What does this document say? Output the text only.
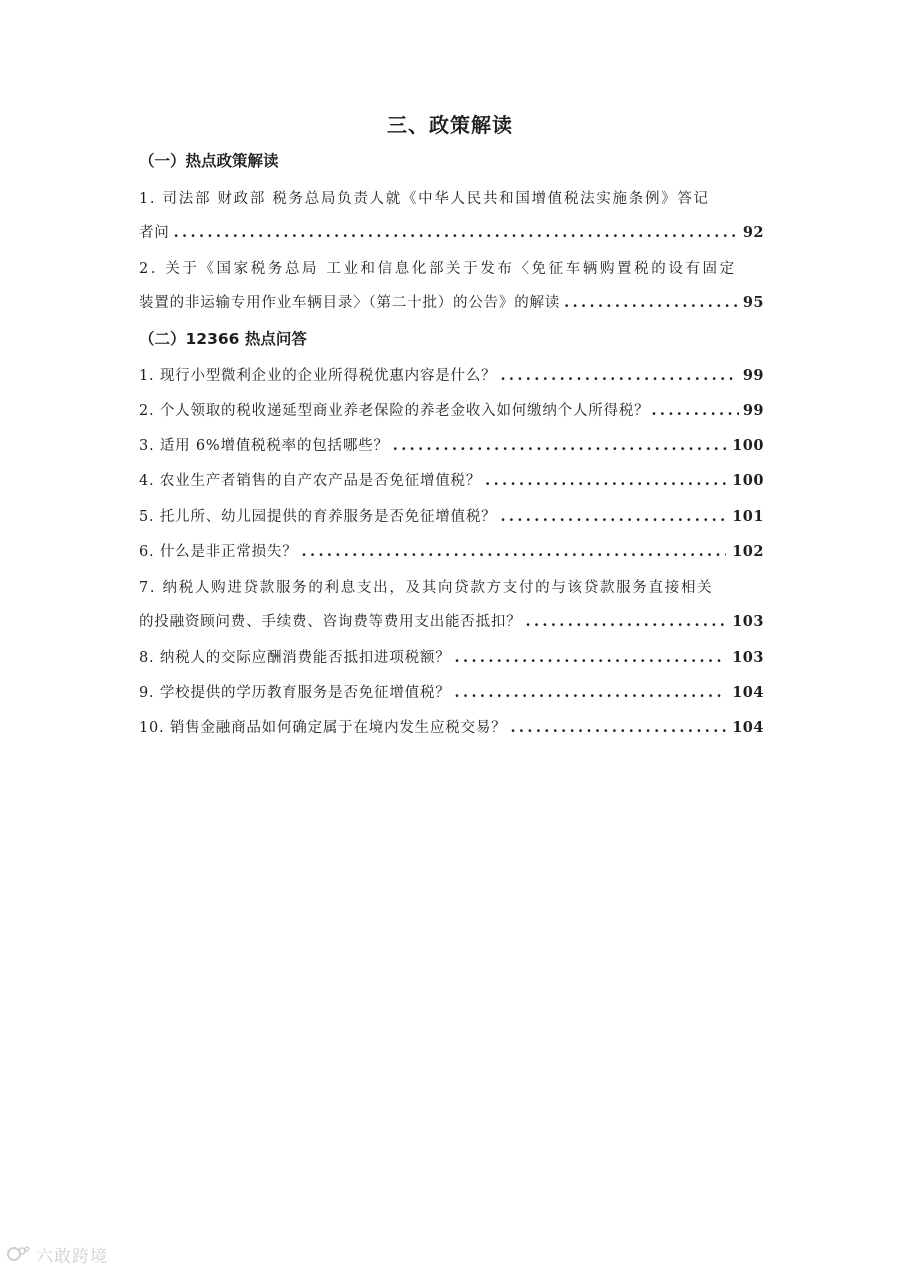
三、政策解读
（一）热点政策解读
1. 司法部 财政部 税务总局负责人就《中华人民共和国增值税法实施条例》答记
者问 .....	92
2. 关于《国家税务总局 工业和信息化部关于发布〈免征车辆购置税的设有固定
装置的非运输专用作业车辆目录〉（第二十批）的公告》的解读 .....	95
（二）12366 热点问答
1. 现行小型微利企业的企业所得税优惠内容是什么？ .....	99
2. 个人领取的税收递延型商业养老保险的养老金收入如何缴纳个人所得税？ .....	99
3. 适用 6%增值税税率的包括哪些？ .....	100
4. 农业生产者销售的自产农产品是否免征增值税？ .....	100
5. 托儿所、幼儿园提供的育养服务是否免征增值税？ .....	101
6. 什么是非正常损失？ .....	102
7. 纳税人购进贷款服务的利息支出，及其向贷款方支付的与该贷款服务直接相关
的投融资顾问费、手续费、咨询费等费用支出能否抵扣？ .....	103
8. 纳税人的交际应酬消费能否抵扣进项税额？ .....	103
9. 学校提供的学历教育服务是否免征增值税？ .....	104
10. 销售金融商品如何确定属于在境内发生应税交易？ .....	104
六敢跨境
